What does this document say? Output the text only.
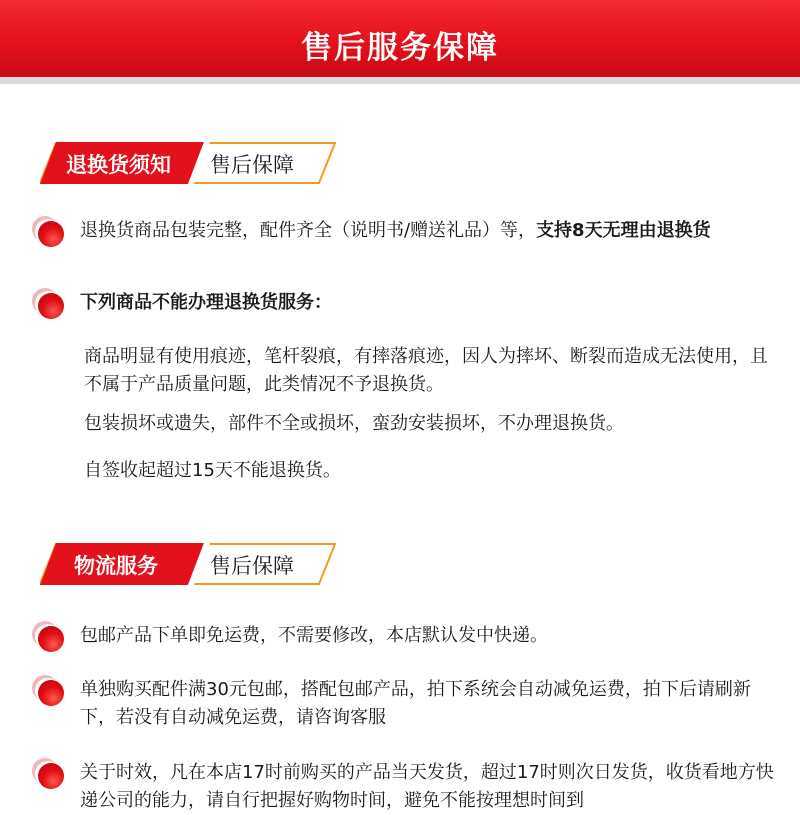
售后服务保障
退换货须知 售后保障
退换货商品包装完整，配件齐全（说明书/赠送礼品）等，支持8天无理由退换货
下列商品不能办理退换货服务：
商品明显有使用痕迹，笔杆裂痕，有摔落痕迹，因人为摔坏、断裂而造成无法使用，且不属于产品质量问题，此类情况不予退换货。
包装损坏或遗失，部件不全或损坏，蛮劲安装损坏，不办理退换货。
自签收起超过15天不能退换货。
物流服务 售后保障
包邮产品下单即免运费，不需要修改，本店默认发中快递。
单独购买配件满30元包邮，搭配包邮产品，拍下系统会自动减免运费，拍下后请刷新下，若没有自动减免运费，请咨询客服
关于时效，凡在本店17时前购买的产品当天发货，超过17时则次日发货，收货看地方快递公司的能力，请自行把握好购物时间，避免不能按理想时间到
